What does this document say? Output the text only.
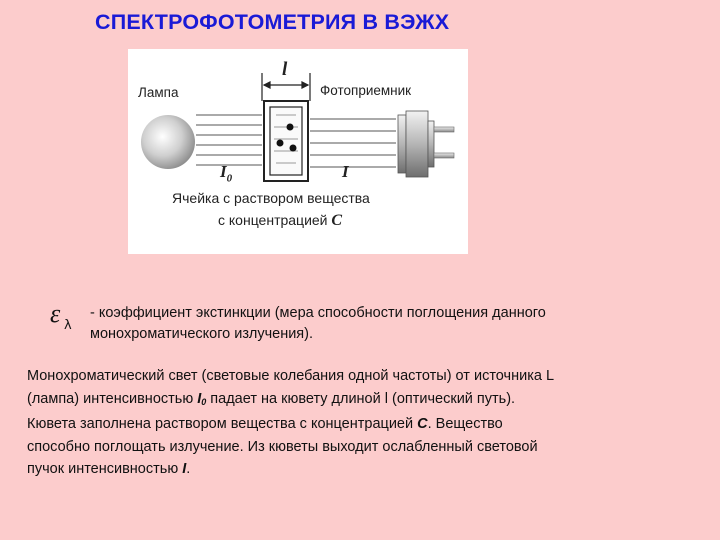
СПЕКТРОФОТОМЕТРИЯ В ВЭЖХ
Лампа	Фотоприемник
l
$I_0$	I
Ячейка с раствором вещества
с концентрацией C
ε λ
- коэффициент экстинкции (мера способности поглощения данного
монохроматического излучения).
Монохроматический свет (световые колебания одной частоты) от источника L
(лампа) интенсивностью I0 падает на кювету длиной l (оптический путь).
Кювета заполнена раствором вещества с концентрацией C. Вещество
способно поглощать излучение. Из кюветы выходит ослабленный световой
пучок интенсивностью I.
